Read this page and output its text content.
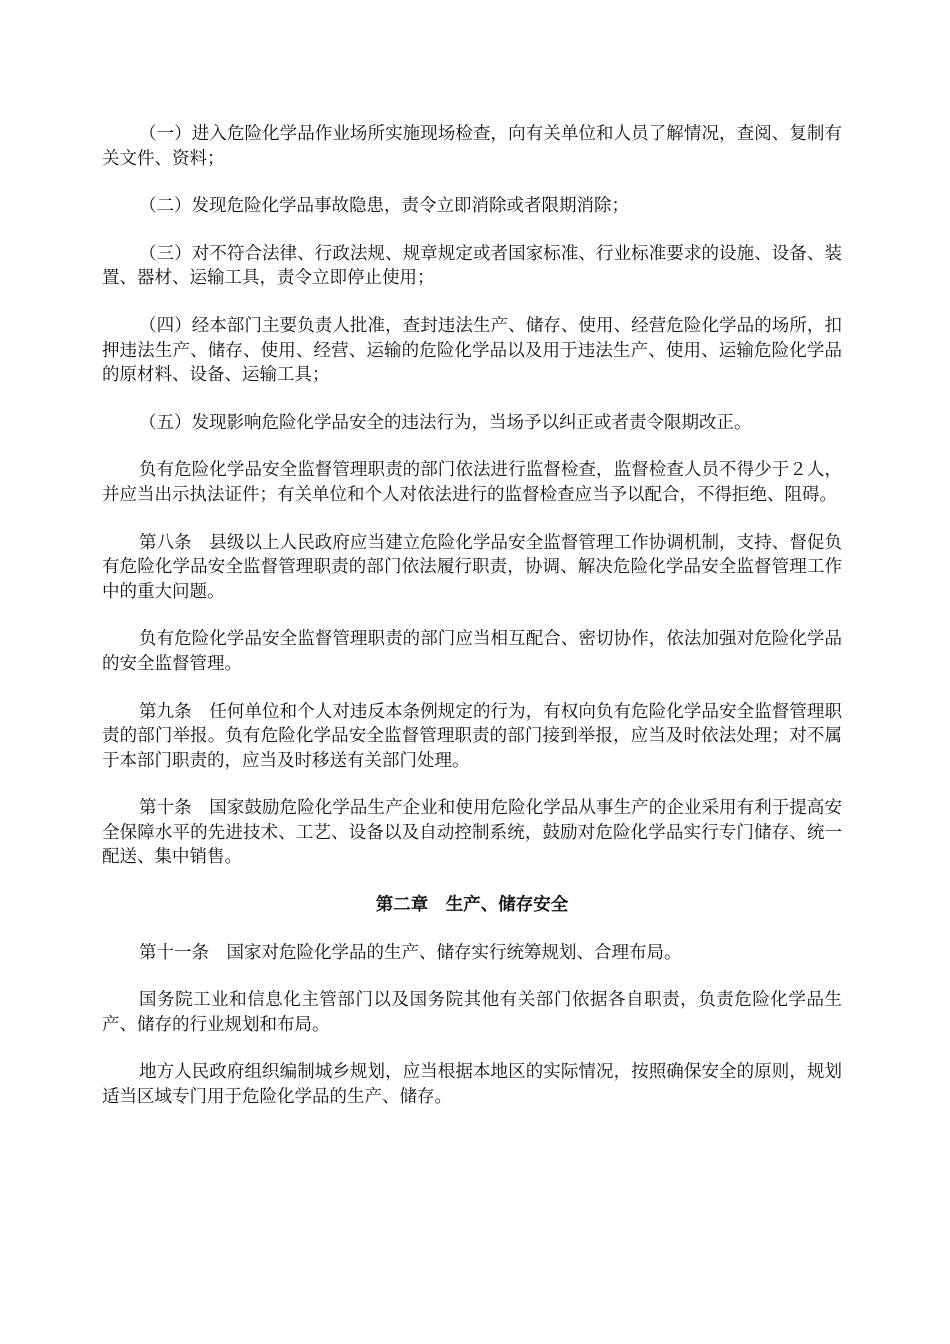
（一）进入危险化学品作业场所实施现场检查，向有关单位和人员了解情况，查阅、复制有关文件、资料；

（二）发现危险化学品事故隐患，责令立即消除或者限期消除；

（三）对不符合法律、行政法规、规章规定或者国家标准、行业标准要求的设施、设备、装置、器材、运输工具，责令立即停止使用；

（四）经本部门主要负责人批准，查封违法生产、储存、使用、经营危险化学品的场所，扣押违法生产、储存、使用、经营、运输的危险化学品以及用于违法生产、使用、运输危险化学品的原材料、设备、运输工具；

（五）发现影响危险化学品安全的违法行为，当场予以纠正或者责令限期改正。

负有危险化学品安全监督管理职责的部门依法进行监督检查，监督检查人员不得少于２人，并应当出示执法证件；有关单位和个人对依法进行的监督检查应当予以配合，不得拒绝、阻碍。

第八条　县级以上人民政府应当建立危险化学品安全监督管理工作协调机制，支持、督促负有危险化学品安全监督管理职责的部门依法履行职责，协调、解决危险化学品安全监督管理工作中的重大问题。

负有危险化学品安全监督管理职责的部门应当相互配合、密切协作，依法加强对危险化学品的安全监督管理。

第九条　任何单位和个人对违反本条例规定的行为，有权向负有危险化学品安全监督管理职责的部门举报。负有危险化学品安全监督管理职责的部门接到举报，应当及时依法处理；对不属于本部门职责的，应当及时移送有关部门处理。

第十条　国家鼓励危险化学品生产企业和使用危险化学品从事生产的企业采用有利于提高安全保障水平的先进技术、工艺、设备以及自动控制系统，鼓励对危险化学品实行专门储存、统一配送、集中销售。

第二章　生产、储存安全

第十一条　国家对危险化学品的生产、储存实行统筹规划、合理布局。

国务院工业和信息化主管部门以及国务院其他有关部门依据各自职责，负责危险化学品生产、储存的行业规划和布局。

地方人民政府组织编制城乡规划，应当根据本地区的实际情况，按照确保安全的原则，规划适当区域专门用于危险化学品的生产、储存。
